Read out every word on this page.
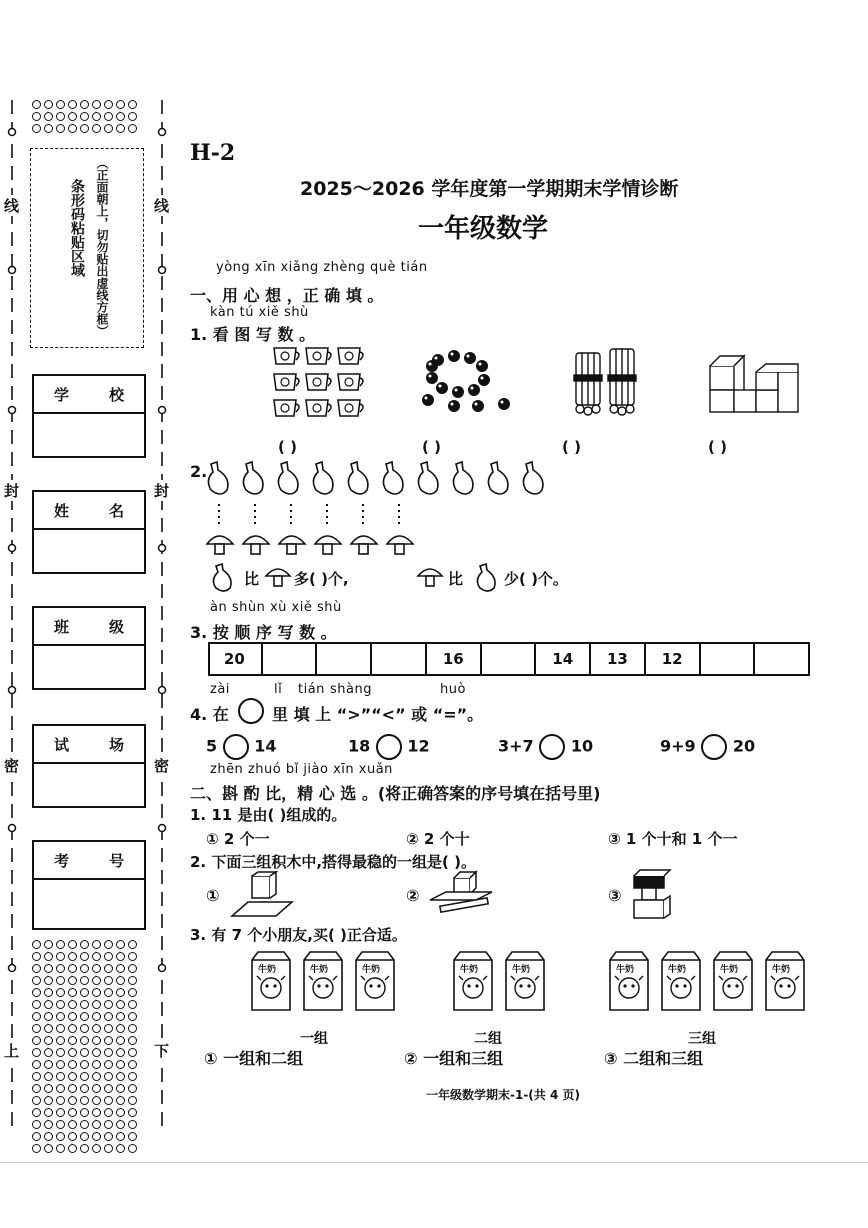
线
封
密
上
线
封
密
下
条形码粘贴区域 （正面朝上，切勿贴出虚线方框）
学	校
姓	名
班	级
试	场
考	号
H-2
2025～2026 学年度第一学期期末学情诊断
一年级数学
yòng xīn xiǎng zhèng què tián
一、用 心 想 ，正 确 填 。
kàn tú xiě shù
1. 看 图 写 数 。
( )	( )	( )	( )
2.
比 多( )个,	比	少( )个。
àn shùn xù xiě shù
3. 按 顺 序 写 数 。
20	16	14	13	12
zài	lǐ tián shàng	huò
4. 在	里 填 上 “>”“<” 或 “=”。
5 14	18 12	3+7 10	9+9 20
zhēn zhuó bǐ jiào xīn xuǎn
二、斟 酌 比，精 心 选 。(将正确答案的序号填在括号里)
1. 11 是由( )组成的。
① 2 个一	② 2 个十	③ 1 个十和 1 个一
2. 下面三组积木中,搭得最稳的一组是( )。
①	②	③
3. 有 7 个小朋友,买( )正合适。
牛奶	牛奶	牛奶	牛奶	牛奶	牛奶	牛奶	牛奶	牛奶
一组	二组	三组
① 一组和二组	② 一组和三组	③ 二组和三组
一年级数学期末-1-(共 4 页)
